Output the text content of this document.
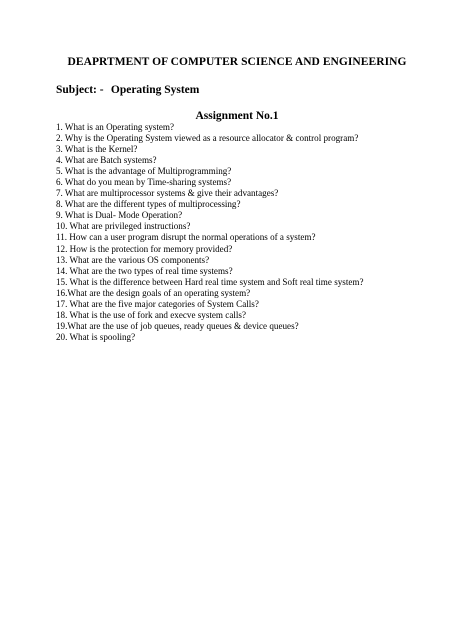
DEAPRTMENT OF COMPUTER SCIENCE AND ENGINEERING
Subject: - Operating System
Assignment No.1
1. What is an Operating system?
2. Why is the Operating System viewed as a resource allocator & control program?
3. What is the Kernel?
4. What are Batch systems?
5. What is the advantage of Multiprogramming?
6. What do you mean by Time-sharing systems?
7. What are multiprocessor systems & give their advantages?
8. What are the different types of multiprocessing?
9. What is Dual- Mode Operation?
10. What are privileged instructions?
11. How can a user program disrupt the normal operations of a system?
12. How is the protection for memory provided?
13. What are the various OS components?
14. What are the two types of real time systems?
15. What is the difference between Hard real time system and Soft real time system?
16.What are the design goals of an operating system?
17. What are the five major categories of System Calls?
18. What is the use of fork and execve system calls?
19.What are the use of job queues, ready queues & device queues?
20. What is spooling?
